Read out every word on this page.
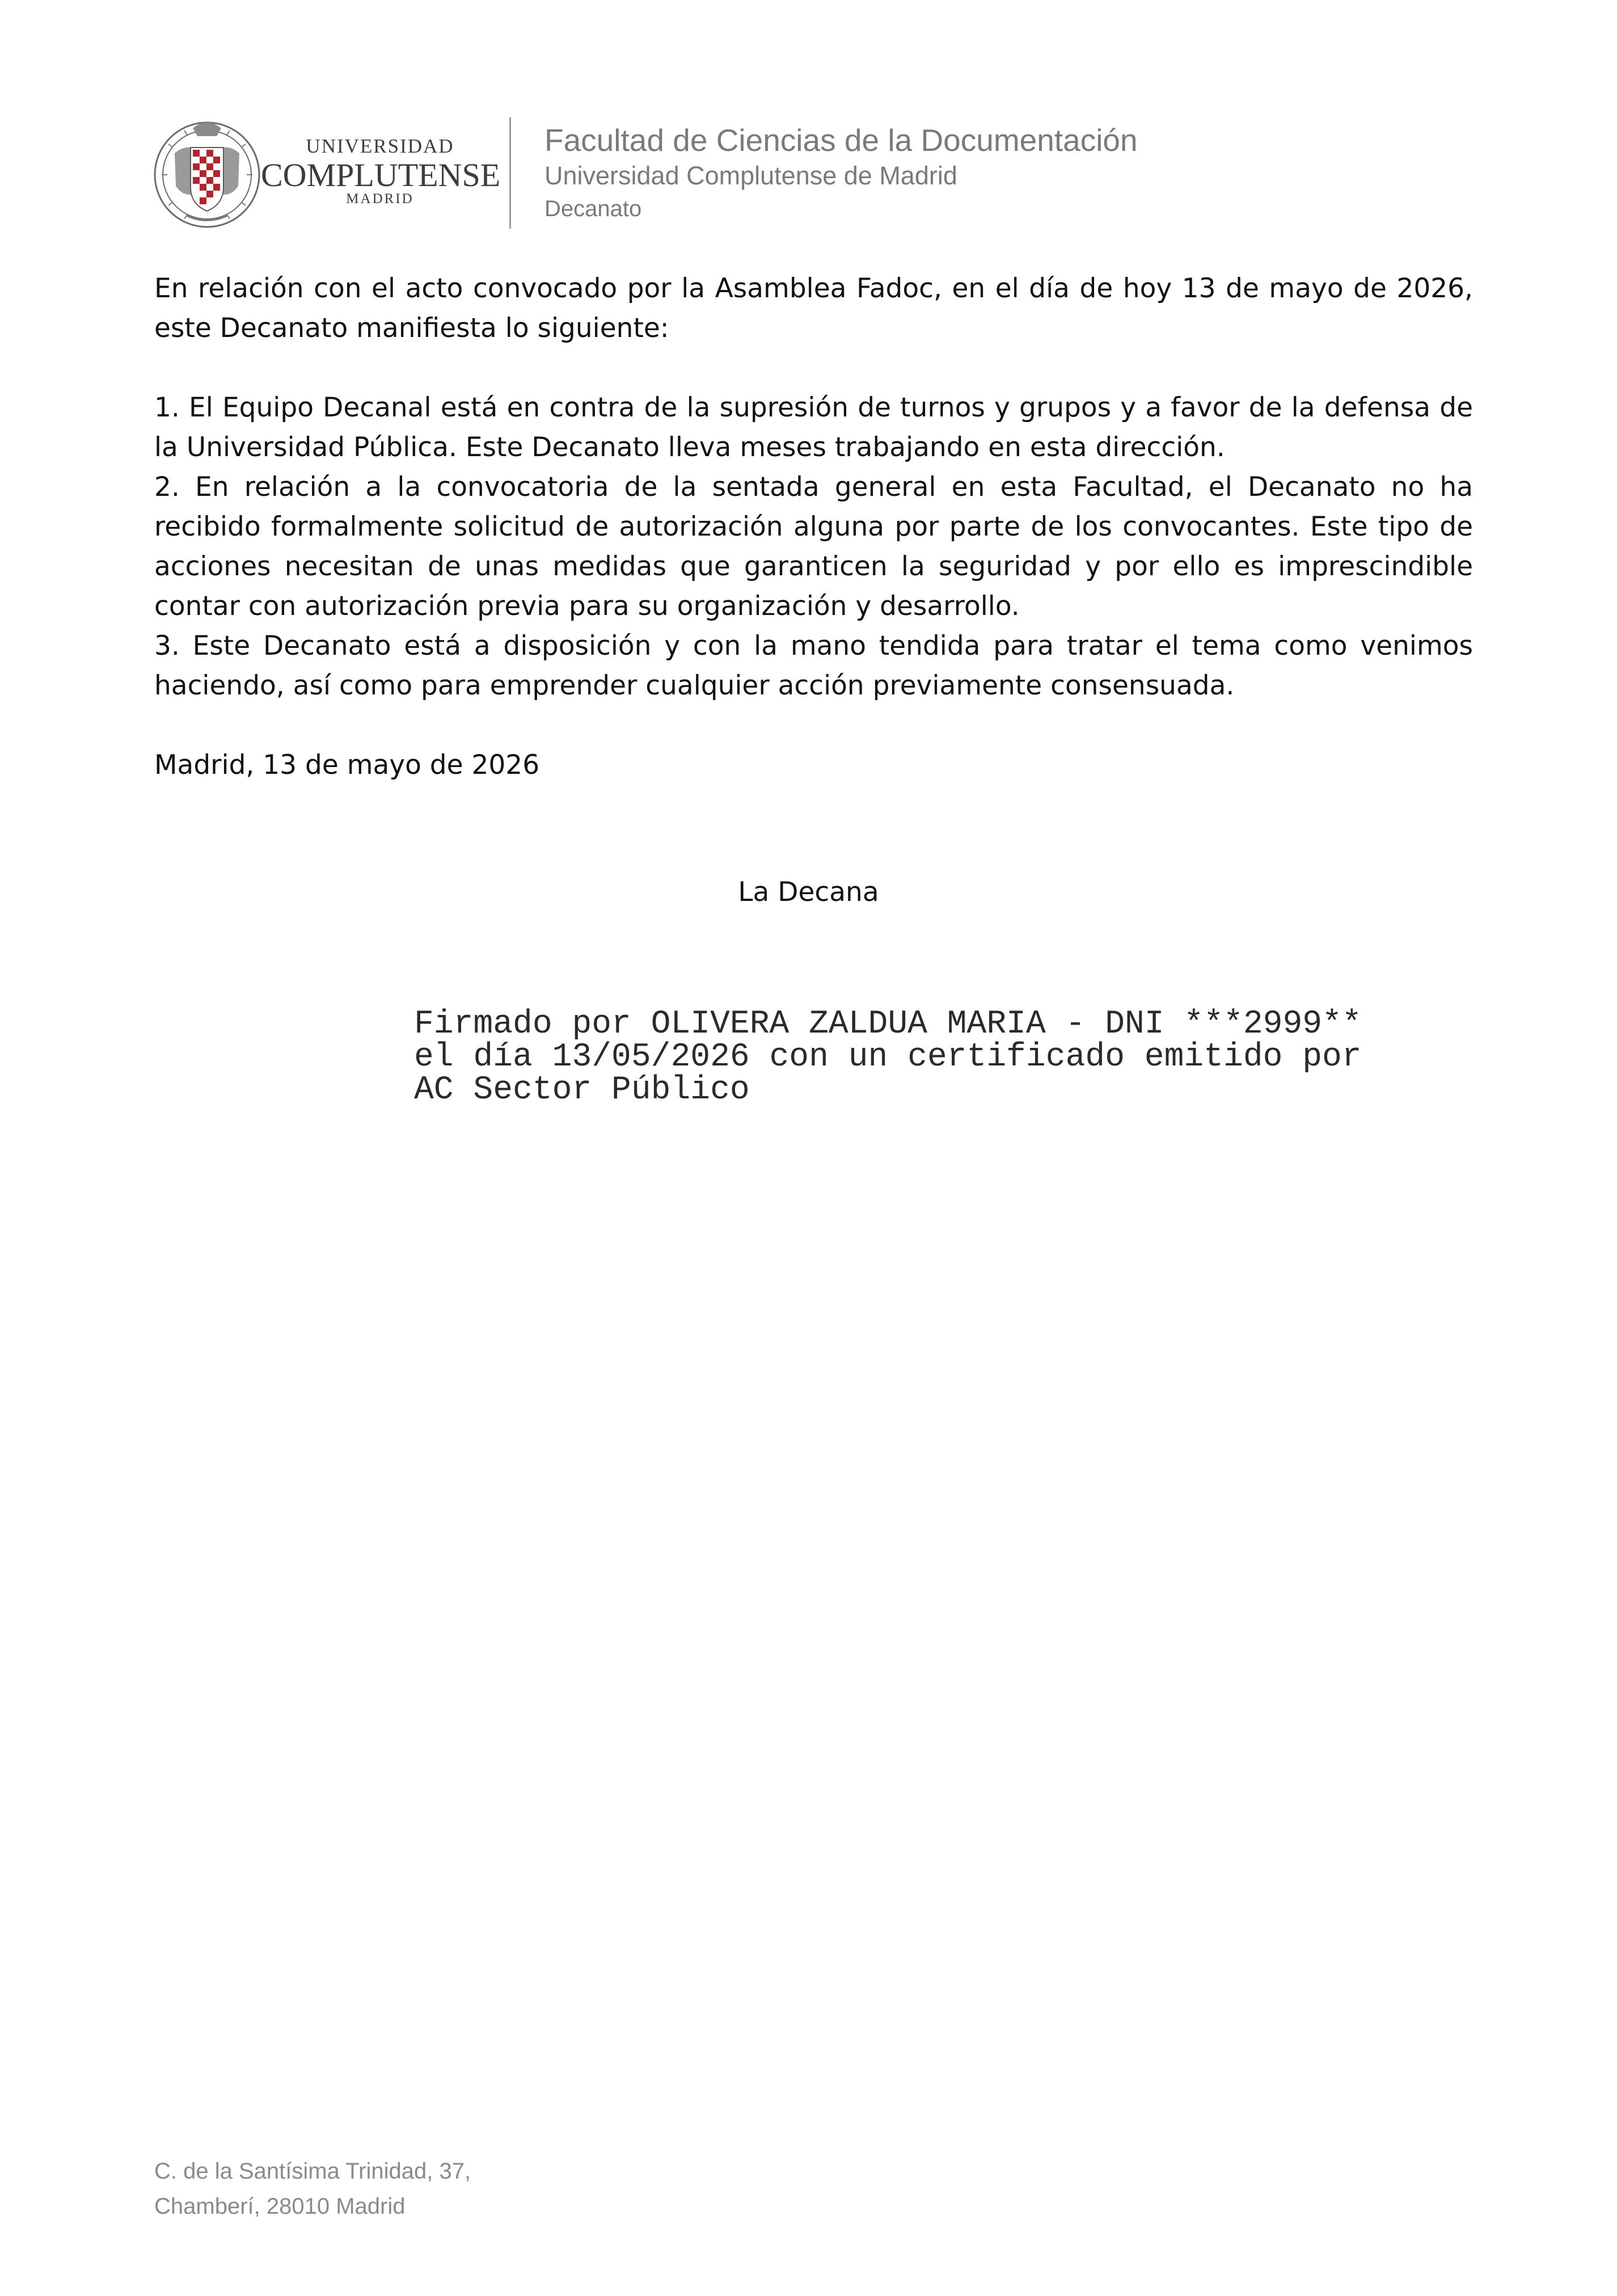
UNIVERSIDAD
COMPLUTENSE
MADRID
Facultad de Ciencias de la Documentación
Universidad Complutense de Madrid
Decanato

En relación con el acto convocado por la Asamblea Fadoc, en el día de hoy 13 de mayo de 2026, este Decanato manifiesta lo siguiente:

1. El Equipo Decanal está en contra de la supresión de turnos y grupos y a favor de la defensa de la Universidad Pública. Este Decanato lleva meses trabajando en esta dirección.

2. En relación a la convocatoria de la sentada general en esta Facultad, el Decanato no ha recibido formalmente solicitud de autorización alguna por parte de los convocantes. Este tipo de acciones necesitan de unas medidas que garanticen la seguridad y por ello es imprescindible contar con autorización previa para su organización y desarrollo.

3. Este Decanato está a disposición y con la mano tendida para tratar el tema como venimos haciendo, así como para emprender cualquier acción previamente consensuada.

Madrid, 13 de mayo de 2026

La Decana
Firmado por OLIVERA ZALDUA MARIA - DNI ***2999**
el día 13/05/2026 con un certificado emitido por
AC Sector Público
C. de la Santísima Trinidad, 37,
Chamberí, 28010 Madrid
